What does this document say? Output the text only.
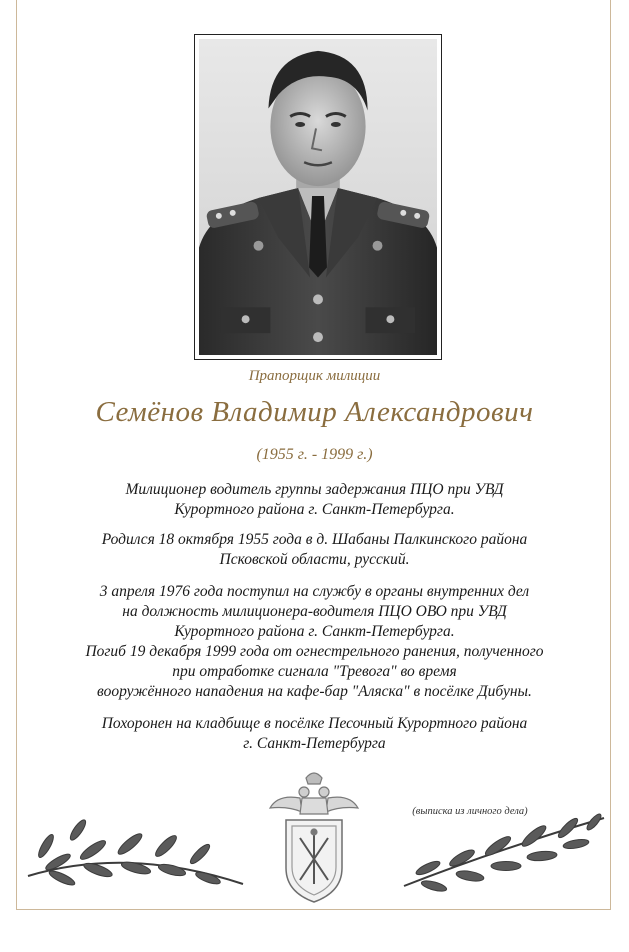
Прапорщик милиции

Семёнов Владимир Александрович

(1955 г. - 1999 г.)

Милиционер водитель группы задержания ПЦО при УВД
Курортного района г. Санкт-Петербурга.

Родился 18 октября 1955 года в д. Шабаны Палкинского района
Псковской области, русский.

3 апреля 1976 года поступил на службу в органы внутренних дел
на должность милиционера-водителя ПЦО ОВО при УВД
Курортного района г. Санкт-Петербурга.
Погиб 19 декабря 1999 года от огнестрельного ранения, полученного
при отработке сигнала "Тревога" во время
вооружённого нападения на кафе-бар "Аляска" в посёлке Дибуны.

Похоронен на кладбище в посёлке Песочный Курортного района
г. Санкт-Петербурга

(выписка из личного дела)
